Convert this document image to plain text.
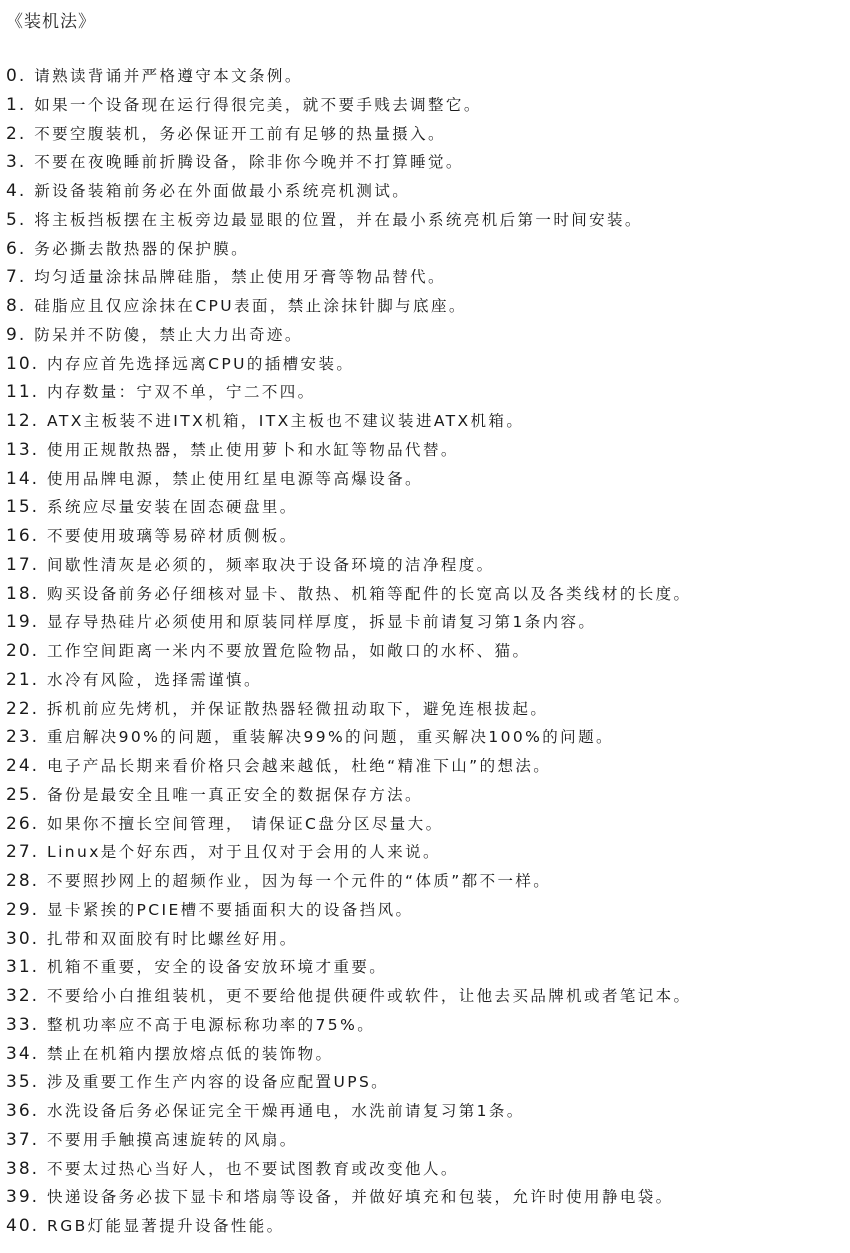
《装机法》
0. 请熟读背诵并严格遵守本文条例。
1. 如果一个设备现在运行得很完美，就不要手贱去调整它。
2. 不要空腹装机，务必保证开工前有足够的热量摄入。
3. 不要在夜晚睡前折腾设备，除非你今晚并不打算睡觉。
4. 新设备装箱前务必在外面做最小系统亮机测试。
5. 将主板挡板摆在主板旁边最显眼的位置，并在最小系统亮机后第一时间安装。
6. 务必撕去散热器的保护膜。
7. 均匀适量涂抹品牌硅脂，禁止使用牙膏等物品替代。
8. 硅脂应且仅应涂抹在CPU表面，禁止涂抹针脚与底座。
9. 防呆并不防傻，禁止大力出奇迹。
10. 内存应首先选择远离CPU的插槽安装。
11. 内存数量：宁双不单，宁二不四。
12. ATX主板装不进ITX机箱，ITX主板也不建议装进ATX机箱。
13. 使用正规散热器，禁止使用萝卜和水缸等物品代替。
14. 使用品牌电源，禁止使用红星电源等高爆设备。
15. 系统应尽量安装在固态硬盘里。
16. 不要使用玻璃等易碎材质侧板。
17. 间歇性清灰是必须的，频率取决于设备环境的洁净程度。
18. 购买设备前务必仔细核对显卡、散热、机箱等配件的长宽高以及各类线材的长度。
19. 显存导热硅片必须使用和原装同样厚度，拆显卡前请复习第1条内容。
20. 工作空间距离一米内不要放置危险物品，如敞口的水杯、猫。
21. 水冷有风险，选择需谨慎。
22. 拆机前应先烤机，并保证散热器轻微扭动取下，避免连根拔起。
23. 重启解决90%的问题，重装解决99%的问题，重买解决100%的问题。
24. 电子产品长期来看价格只会越来越低，杜绝“精准下山”的想法。
25. 备份是最安全且唯一真正安全的数据保存方法。
26. 如果你不擅长空间管理， 请保证C盘分区尽量大。
27. Linux是个好东西，对于且仅对于会用的人来说。
28. 不要照抄网上的超频作业，因为每一个元件的“体质”都不一样。
29. 显卡紧挨的PCIE槽不要插面积大的设备挡风。
30. 扎带和双面胶有时比螺丝好用。
31. 机箱不重要，安全的设备安放环境才重要。
32. 不要给小白推组装机，更不要给他提供硬件或软件，让他去买品牌机或者笔记本。
33. 整机功率应不高于电源标称功率的75%。
34. 禁止在机箱内摆放熔点低的装饰物。
35. 涉及重要工作生产内容的设备应配置UPS。
36. 水洗设备后务必保证完全干燥再通电，水洗前请复习第1条。
37. 不要用手触摸高速旋转的风扇。
38. 不要太过热心当好人，也不要试图教育或改变他人。
39. 快递设备务必拔下显卡和塔扇等设备，并做好填充和包装，允许时使用静电袋。
40. RGB灯能显著提升设备性能。
